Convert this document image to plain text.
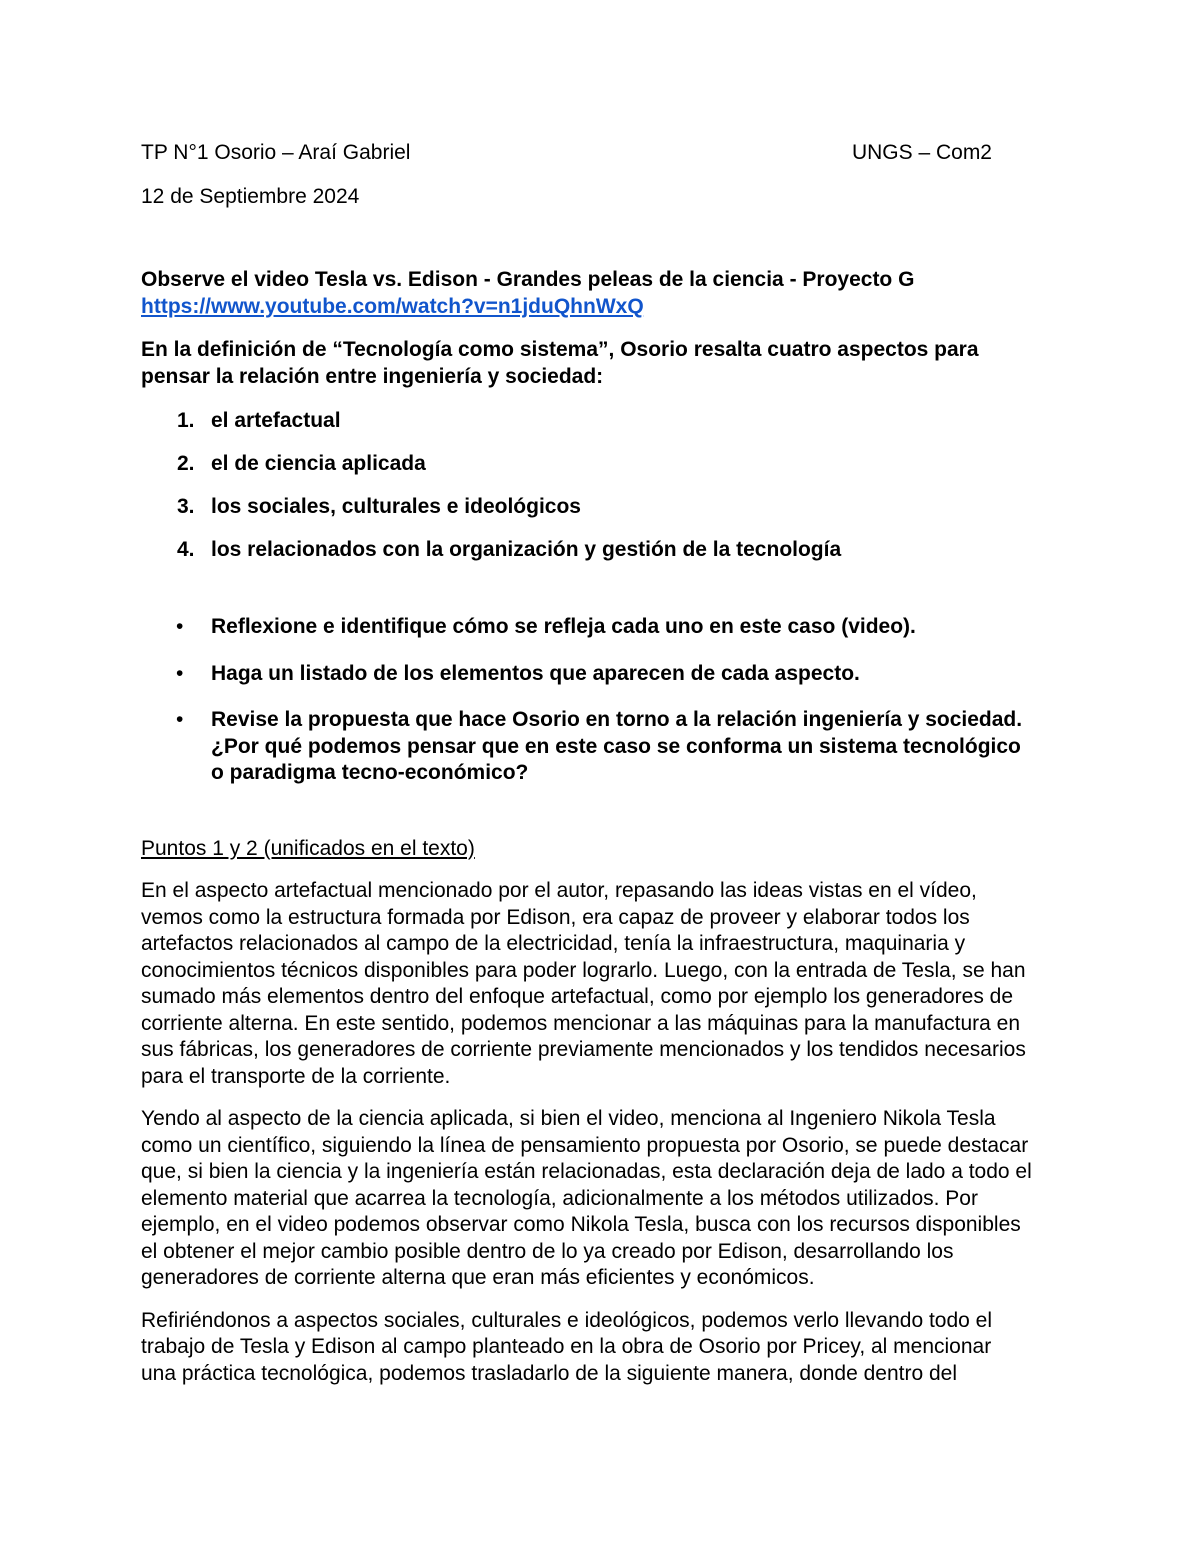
TP N°1 Osorio – Araí Gabriel	UNGS – Com2
12 de Septiembre 2024
Observe el video Tesla vs. Edison - Grandes peleas de la ciencia - Proyecto G
https://www.youtube.com/watch?v=n1jduQhnWxQ
En la definición de “Tecnología como sistema”, Osorio resalta cuatro aspectos para
pensar la relación entre ingeniería y sociedad:
1. el artefactual
2. el de ciencia aplicada
3. los sociales, culturales e ideológicos
4. los relacionados con la organización y gestión de la tecnología
• Reflexione e identifique cómo se refleja cada uno en este caso (video).
• Haga un listado de los elementos que aparecen de cada aspecto.
• Revise la propuesta que hace Osorio en torno a la relación ingeniería y sociedad.
¿Por qué podemos pensar que en este caso se conforma un sistema tecnológico
o paradigma tecno-económico?
Puntos 1 y 2 (unificados en el texto)
En el aspecto artefactual mencionado por el autor, repasando las ideas vistas en el vídeo,
vemos como la estructura formada por Edison, era capaz de proveer y elaborar todos los
artefactos relacionados al campo de la electricidad, tenía la infraestructura, maquinaria y
conocimientos técnicos disponibles para poder lograrlo. Luego, con la entrada de Tesla, se han
sumado más elementos dentro del enfoque artefactual, como por ejemplo los generadores de
corriente alterna. En este sentido, podemos mencionar a las máquinas para la manufactura en
sus fábricas, los generadores de corriente previamente mencionados y los tendidos necesarios
para el transporte de la corriente.
Yendo al aspecto de la ciencia aplicada, si bien el video, menciona al Ingeniero Nikola Tesla
como un científico, siguiendo la línea de pensamiento propuesta por Osorio, se puede destacar
que, si bien la ciencia y la ingeniería están relacionadas, esta declaración deja de lado a todo el
elemento material que acarrea la tecnología, adicionalmente a los métodos utilizados. Por
ejemplo, en el video podemos observar como Nikola Tesla, busca con los recursos disponibles
el obtener el mejor cambio posible dentro de lo ya creado por Edison, desarrollando los
generadores de corriente alterna que eran más eficientes y económicos.
Refiriéndonos a aspectos sociales, culturales e ideológicos, podemos verlo llevando todo el
trabajo de Tesla y Edison al campo planteado en la obra de Osorio por Pricey, al mencionar
una práctica tecnológica, podemos trasladarlo de la siguiente manera, donde dentro del
